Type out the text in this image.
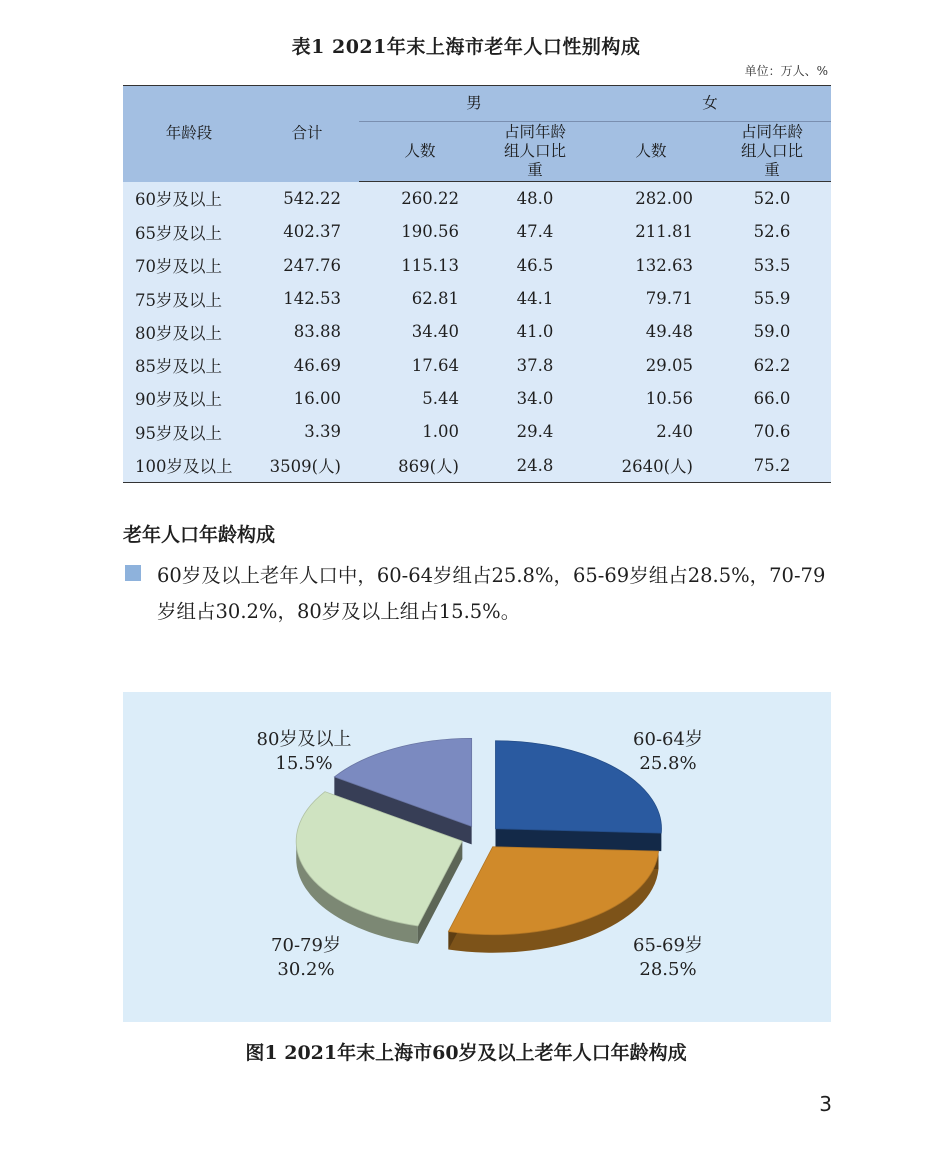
表1 2021年末上海市老年人口性别构成
单位：万人、%
年龄段	合计	男		女	
		人数	占同年龄组人口比重	人数	占同年龄组人口比重
60岁及以上	542.22	260.22	48.0	282.00	52.0
65岁及以上	402.37	190.56	47.4	211.81	52.6
70岁及以上	247.76	115.13	46.5	132.63	53.5
75岁及以上	142.53	62.81	44.1	79.71	55.9
80岁及以上	83.88	34.40	41.0	49.48	59.0
85岁及以上	46.69	17.64	37.8	29.05	62.2
90岁及以上	16.00	5.44	34.0	10.56	66.0
95岁及以上	3.39	1.00	29.4	2.40	70.6
100岁及以上	3509(人)	869(人)	24.8	2640(人)	75.2
老年人口年龄构成
60岁及以上老年人口中，60-64岁组占25.8%，65-69岁组占28.5%，70-79岁组占30.2%，80岁及以上组占15.5%。
60-64岁
25.8%
65-69岁
28.5%
70-79岁
30.2%
80岁及以上
15.5%
图1 2021年末上海市60岁及以上老年人口年龄构成
3
